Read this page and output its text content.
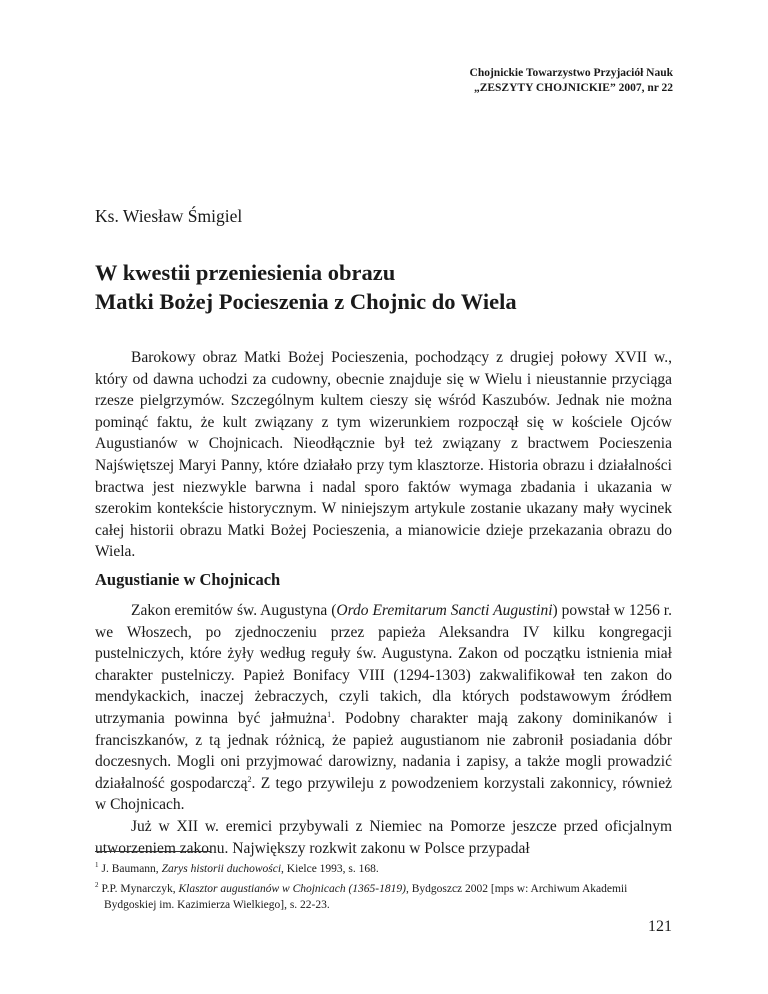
Chojnickie Towarzystwo Przyjaciół Nauk
„ZESZYTY CHOJNICKIE” 2007, nr 22
Ks. Wiesław Śmigiel
W kwestii przeniesienia obrazu
Matki Bożej Pocieszenia z Chojnic do Wiela

Barokowy obraz Matki Bożej Pocieszenia, pochodzący z drugiej połowy XVII w., który od dawna uchodzi za cudowny, obecnie znajduje się w Wielu i nieustannie przyciąga rzesze pielgrzymów. Szczególnym kultem cieszy się wśród Kaszubów. Jednak nie można pominąć faktu, że kult związany z tym wizerunkiem rozpoczął się w kościele Ojców Augustianów w Chojnicach. Nieodłącznie był też związany z bractwem Pocieszenia Najświętszej Maryi Panny, które działało przy tym klasztorze. Historia obrazu i działalności bractwa jest niezwykle barwna i nadal sporo faktów wymaga zbadania i ukazania w szerokim kontekście historycznym. W niniejszym artykule zostanie ukazany mały wycinek całej historii obrazu Matki Bożej Pocieszenia, a mianowicie dzieje przekazania obrazu do Wiela.

Augustianie w Chojnicach

Zakon eremitów św. Augustyna (Ordo Eremitarum Sancti Augustini) powstał w 1256 r. we Włoszech, po zjednoczeniu przez papieża Aleksandra IV kilku kongregacji pustelniczych, które żyły według reguły św. Augustyna. Zakon od początku istnienia miał charakter pustelniczy. Papież Bonifacy VIII (1294-1303) zakwalifikował ten zakon do mendykackich, inaczej żebraczych, czyli takich, dla których podstawowym źródłem utrzymania powinna być jałmużna$^1$. Podobny charakter mają zakony dominikanów i franciszkanów, z tą jednak różnicą, że papież augustianom nie zabronił posiadania dóbr doczesnych. Mogli oni przyjmować darowizny, nadania i zapisy, a także mogli prowadzić działalność gospodarczą$^2$. Z tego przywileju z powodzeniem korzystali zakonnicy, również w Chojnicach.

Już w XII w. eremici przybywali z Niemiec na Pomorze jeszcze przed oficjalnym utworzeniem zakonu. Największy rozkwit zakonu w Polsce przypadał

$^1$ J. Baumann, Zarys historii duchowości, Kielce 1993, s. 168.
$^2$ P.P. Mynarczyk, Klasztor augustianów w Chojnicach (1365-1819), Bydgoszcz 2002 [mps w: Archiwum Akademii Bydgoskiej im. Kazimierza Wielkiego], s. 22-23.
121
